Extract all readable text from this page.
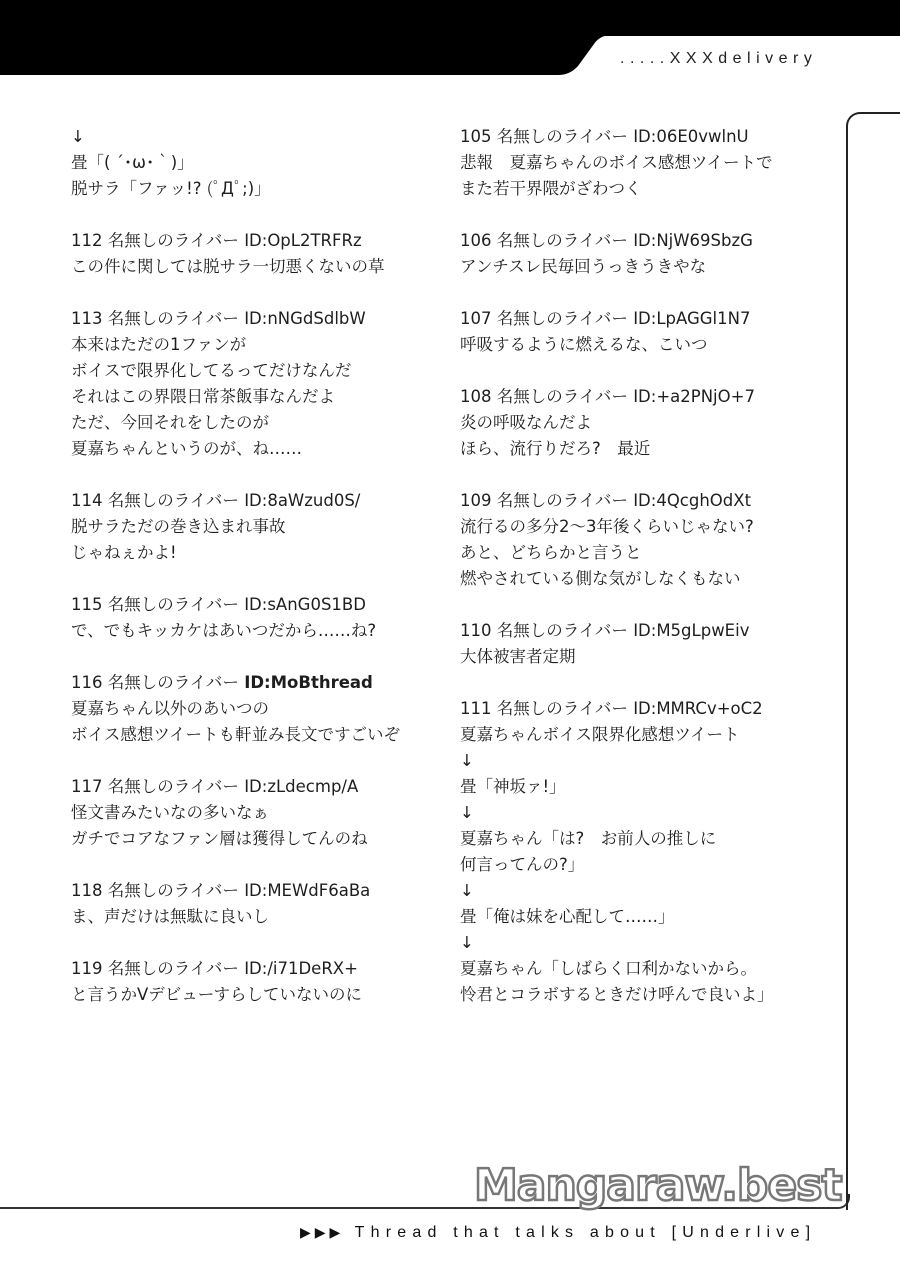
.....XXXdelivery
↓
畳「( ´･ω･｀)」
脱サラ「ファッ!? (ﾟДﾟ;)」
112 名無しのライバー ID:OpL2TRFRz
この件に関しては脱サラ一切悪くないの草
113 名無しのライバー ID:nNGdSdlbW
本来はただの1ファンが
ボイスで限界化してるってだけなんだ
それはこの界隈日常茶飯事なんだよ
ただ、今回それをしたのが
夏嘉ちゃんというのが、ね……
114 名無しのライバー ID:8aWzud0S/
脱サラただの巻き込まれ事故
じゃねぇかよ!
115 名無しのライバー ID:sAnG0S1BD
で、でもキッカケはあいつだから……ね?
116 名無しのライバー ID:MoBthread
夏嘉ちゃん以外のあいつの
ボイス感想ツイートも軒並み長文ですごいぞ
117 名無しのライバー ID:zLdecmp/A
怪文書みたいなの多いなぁ
ガチでコアなファン層は獲得してんのね
118 名無しのライバー ID:MEWdF6aBa
ま、声だけは無駄に良いし
119 名無しのライバー ID:/i71DeRX+
と言うかVデビューすらしていないのに
105 名無しのライバー ID:06E0vwlnU
悲報　夏嘉ちゃんのボイス感想ツイートで
また若干界隈がざわつく
106 名無しのライバー ID:NjW69SbzG
アンチスレ民毎回うっきうきやな
107 名無しのライバー ID:LpAGGl1N7
呼吸するように燃えるな、こいつ
108 名無しのライバー ID:+a2PNjO+7
炎の呼吸なんだよ
ほら、流行りだろ?　最近
109 名無しのライバー ID:4QcghOdXt
流行るの多分2～3年後くらいじゃない?
あと、どちらかと言うと
燃やされている側な気がしなくもない
110 名無しのライバー ID:M5gLpwEiv
大体被害者定期
111 名無しのライバー ID:MMRCv+oC2
夏嘉ちゃんボイス限界化感想ツイート
↓
畳「神坂ァ!」
↓
夏嘉ちゃん「は?　お前人の推しに
何言ってんの?」
↓
畳「俺は妹を心配して……」
↓
夏嘉ちゃん「しばらく口利かないから。
怜君とコラボするときだけ呼んで良いよ」
Mangaraw.best
▶▶▶ Thread that talks about [Underlive]
